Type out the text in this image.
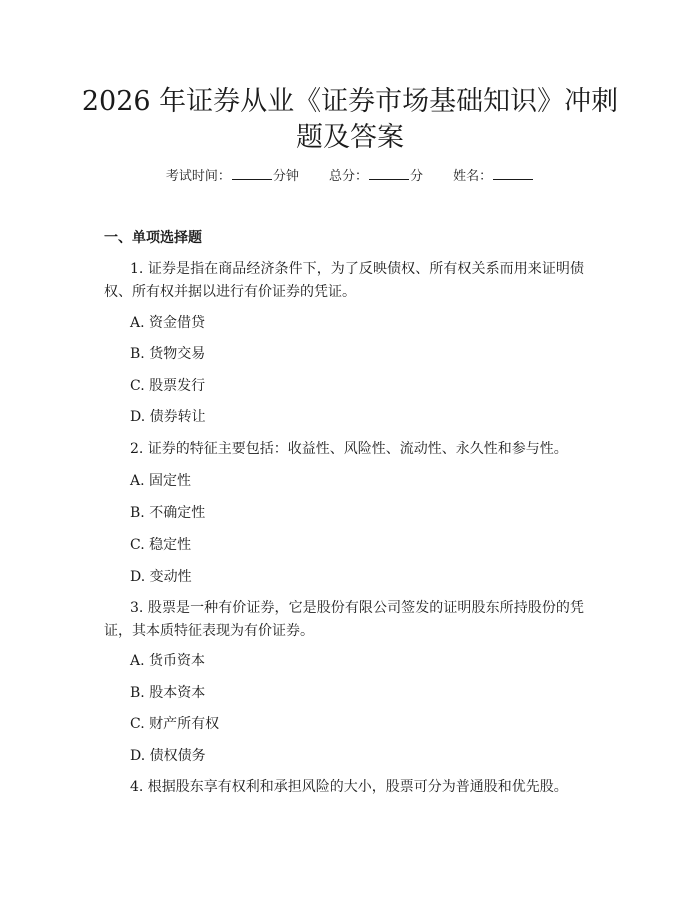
2026 年证券从业《证券市场基础知识》冲刺
题及答案
考试时间：	分钟 总分：	分 姓名：
一、单项选择题
1. 证券是指在商品经济条件下，为了反映债权、所有权关系而用来证明债权、所有权并据以进行有价证券的凭证。
A. 资金借贷
B. 货物交易
C. 股票发行
D. 债券转让
2. 证券的特征主要包括：收益性、风险性、流动性、永久性和参与性。
A. 固定性
B. 不确定性
C. 稳定性
D. 变动性
3. 股票是一种有价证券，它是股份有限公司签发的证明股东所持股份的凭证，其本质特征表现为有价证券。
A. 货币资本
B. 股本资本
C. 财产所有权
D. 债权债务
4. 根据股东享有权利和承担风险的大小，股票可分为普通股和优先股。
